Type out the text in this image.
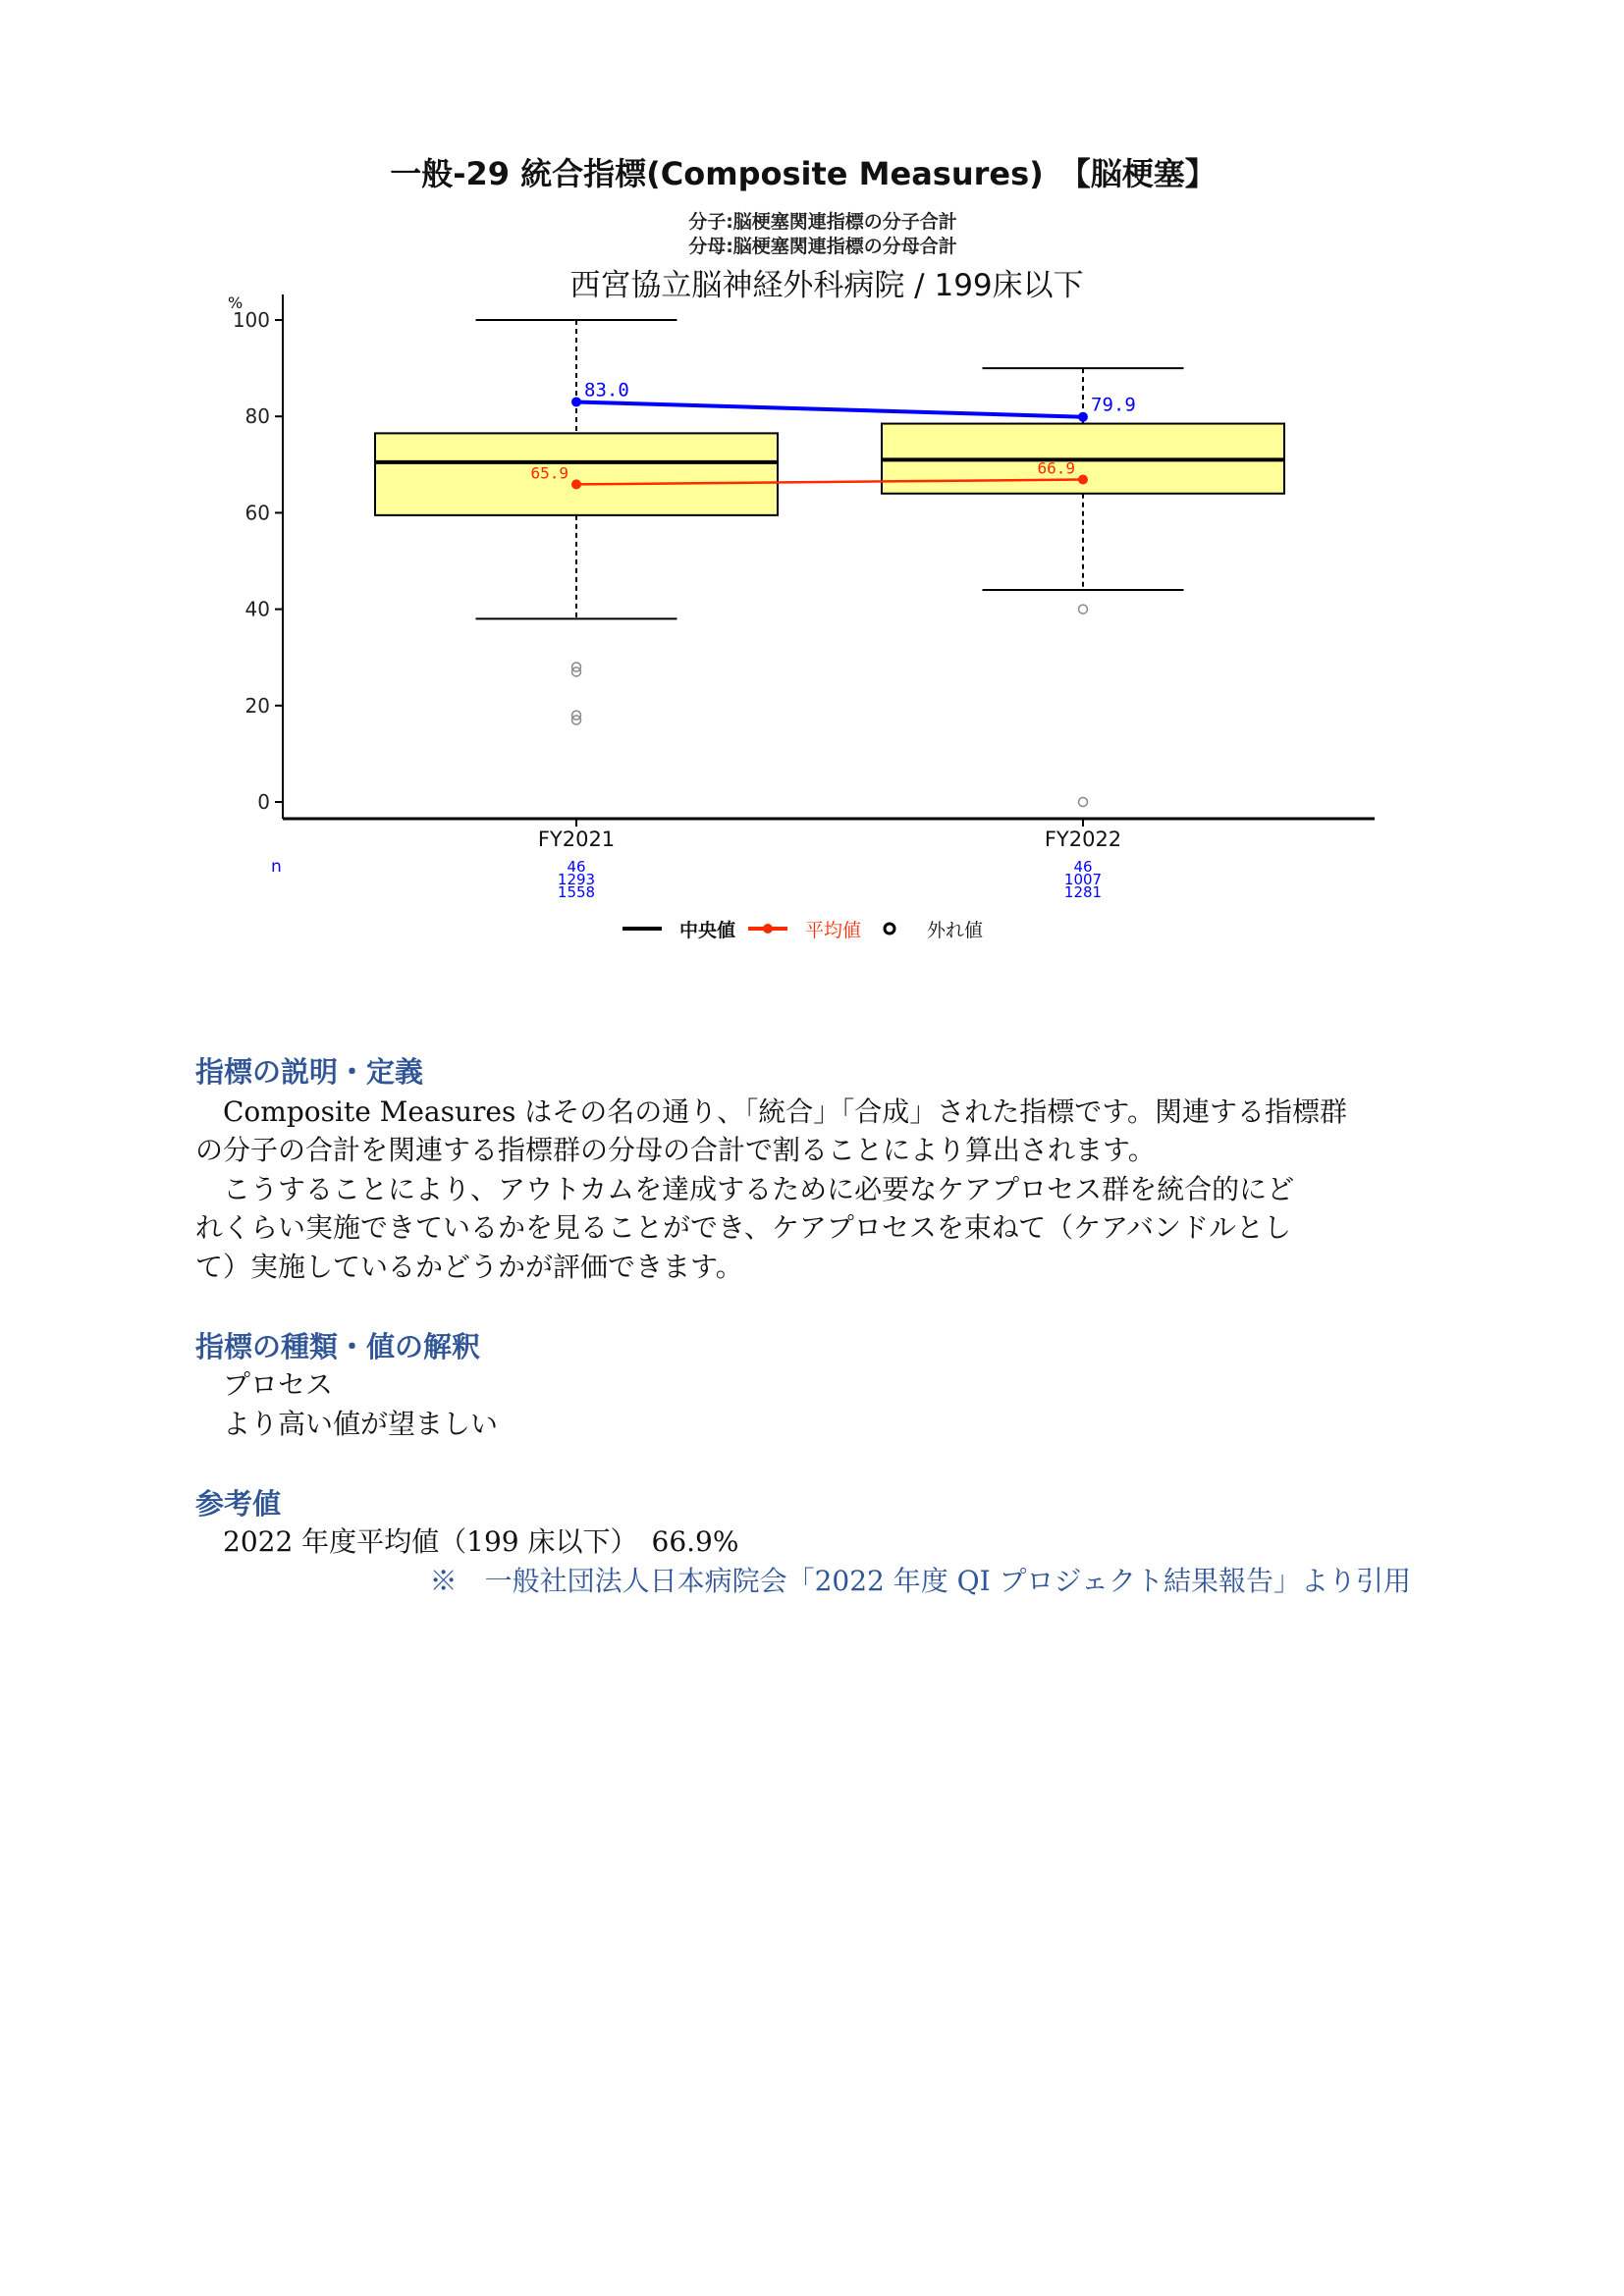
一般-29 統合指標(Composite Measures)　【脳梗塞】
分子:脳梗塞関連指標の分子合計
分母:脳梗塞関連指標の分母合計
西宮協立脳神経外科病院 / 199床以下
%
0
20
40
60
80
100
FY2021
46
1293
1558
FY2022
46
1007
1281
83.0
79.9
65.9	66.9
n
中央値	平均値	外れ値
指標の説明・定義
　Composite Measures はその名の通り、「統合」「合成」された指標です。関連する指標群
の分子の合計を関連する指標群の分母の合計で割ることにより算出されます。
　こうすることにより、アウトカムを達成するために必要なケアプロセス群を統合的にど
れくらい実施できているかを見ることができ、ケアプロセスを束ねて（ケアバンドルとし
て）実施しているかどうかが評価できます。
指標の種類・値の解釈
　プロセス
　より高い値が望ましい
参考値
　2022 年度平均値（199 床以下）　66.9%
※　一般社団法人日本病院会「2022 年度 QI プロジェクト結果報告」より引用
